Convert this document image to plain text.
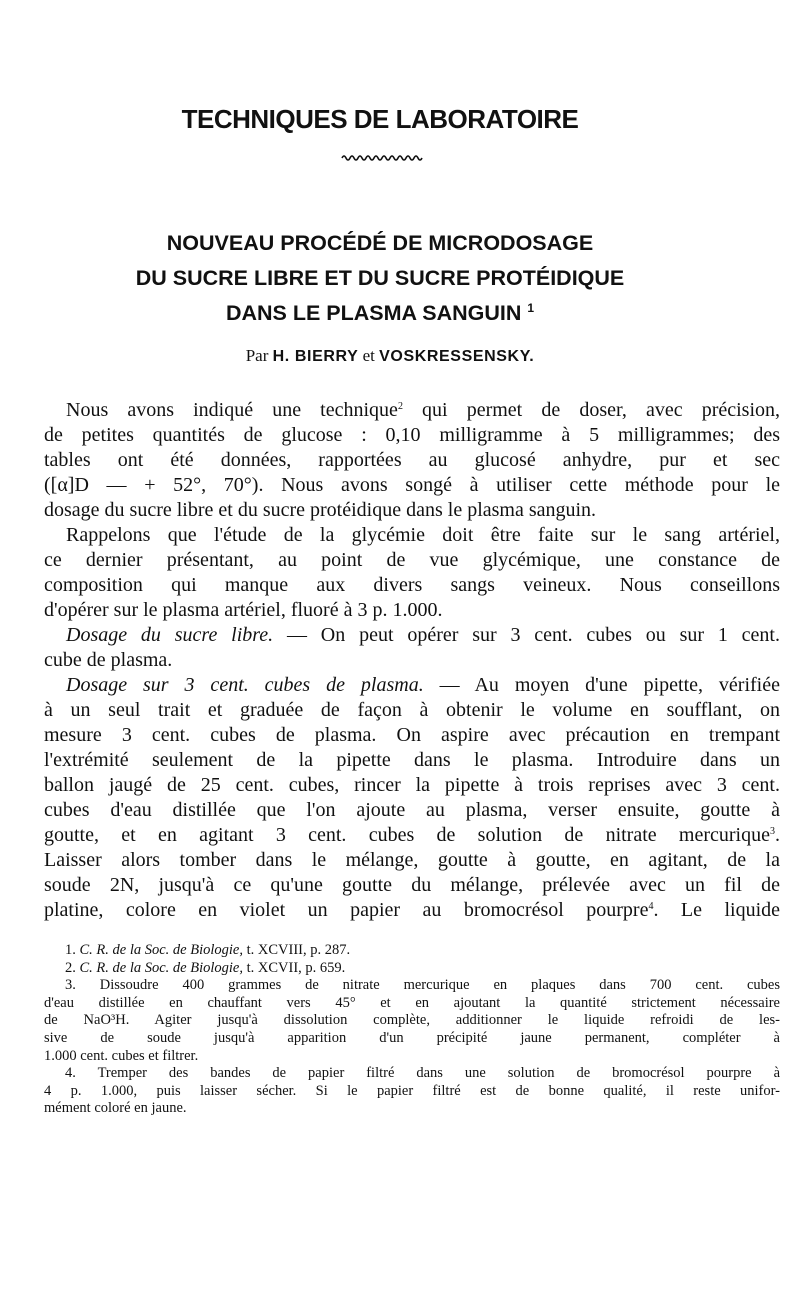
TECHNIQUES DE LABORATOIRE
NOUVEAU PROCÉDÉ DE MICRODOSAGE
DU SUCRE LIBRE ET DU SUCRE PROTÉIDIQUE
DANS LE PLASMA SANGUIN $^1$
Par H. BIERRY et VOSKRESSENSKY.

Nous avons indiqué une technique$^2$ qui permet de doser, avec précision,

de petites quantités de glucose : 0,10 milligramme à 5 milligrammes; des

tables ont été données, rapportées au glucosé anhydre, pur et sec

([α]D — + 52°, 70°). Nous avons songé à utiliser cette méthode pour le

dosage du sucre libre et du sucre protéidique dans le plasma sanguin.

Rappelons que l'étude de la glycémie doit être faite sur le sang artériel,

ce dernier présentant, au point de vue glycémique, une constance de

composition qui manque aux divers sangs veineux. Nous conseillons

d'opérer sur le plasma artériel, fluoré à 3 p. 1.000.

Dosage du sucre libre. — On peut opérer sur 3 cent. cubes ou sur 1 cent.

cube de plasma.

Dosage sur 3 cent. cubes de plasma. — Au moyen d'une pipette, vérifiée

à un seul trait et graduée de façon à obtenir le volume en soufflant, on

mesure 3 cent. cubes de plasma. On aspire avec précaution en trempant

l'extrémité seulement de la pipette dans le plasma. Introduire dans un

ballon jaugé de 25 cent. cubes, rincer la pipette à trois reprises avec 3 cent.

cubes d'eau distillée que l'on ajoute au plasma, verser ensuite, goutte à

goutte, et en agitant 3 cent. cubes de solution de nitrate mercurique$^3$.

Laisser alors tomber dans le mélange, goutte à goutte, en agitant, de la

soude 2N, jusqu'à ce qu'une goutte du mélange, prélevée avec un fil de

platine, colore en violet un papier au bromocrésol pourpre$^4$. Le liquide

1. C. R. de la Soc. de Biologie, t. XCVIII, p. 287.

2. C. R. de la Soc. de Biologie, t. XCVII, p. 659.

3. Dissoudre 400 grammes de nitrate mercurique en plaques dans 700 cent. cubes

d'eau distillée en chauffant vers 45° et en ajoutant la quantité strictement nécessaire

de NaO³H. Agiter jusqu'à dissolution complète, additionner le liquide refroidi de les-

sive de soude jusqu'à apparition d'un précipité jaune permanent, compléter à

1.000 cent. cubes et filtrer.

4. Tremper des bandes de papier filtré dans une solution de bromocrésol pourpre à

4 p. 1.000, puis laisser sécher. Si le papier filtré est de bonne qualité, il reste unifor-

mément coloré en jaune.
